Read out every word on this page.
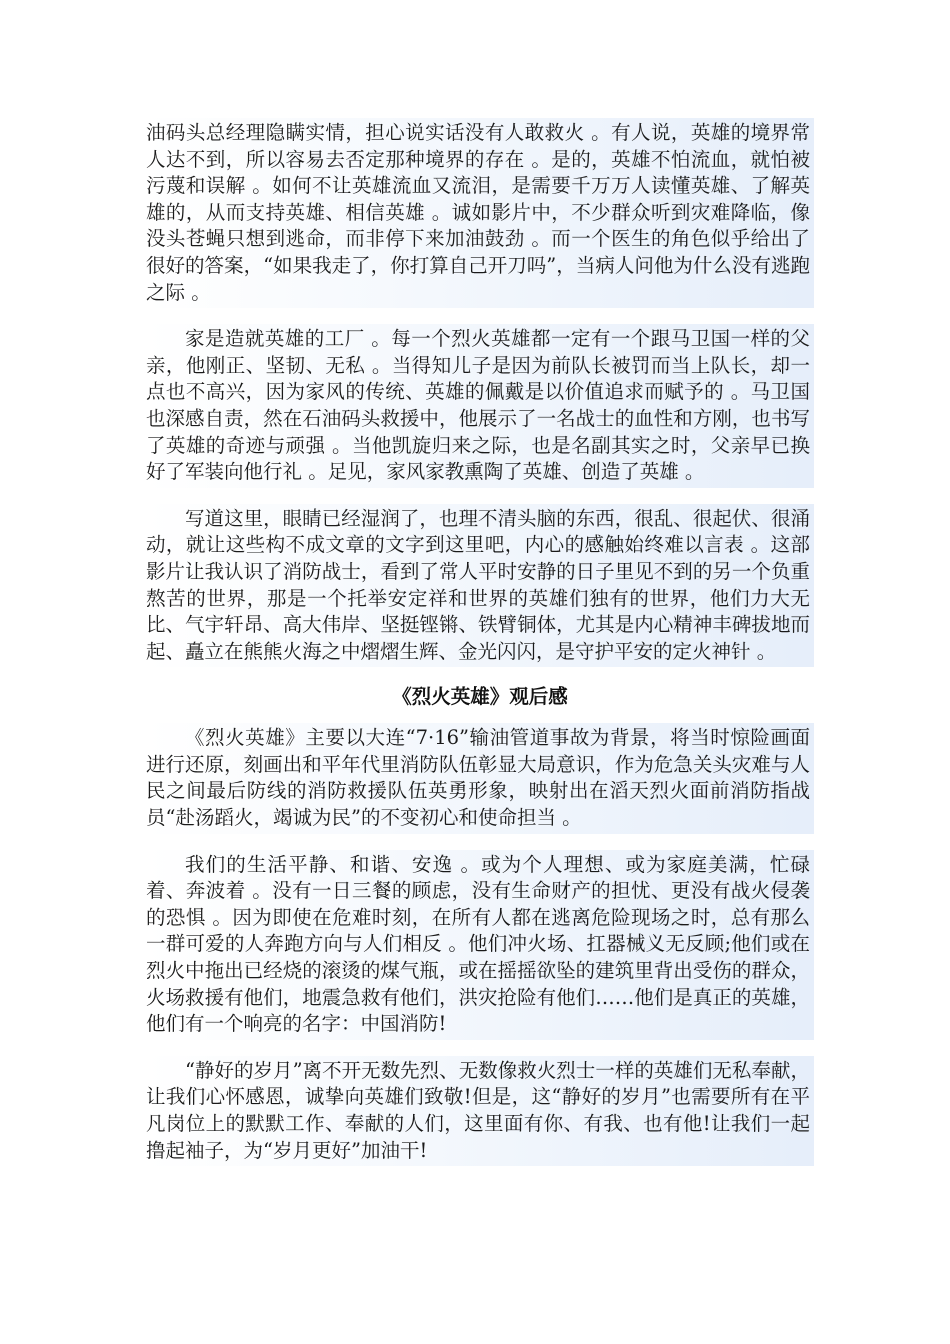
油码头总经理隐瞒实情，担心说实话没有人敢救火 。有人说，英雄的境界常人达不到，所以容易去否定那种境界的存在 。是的，英雄不怕流血，就怕被污蔑和误解 。如何不让英雄流血又流泪，是需要千万万人读懂英雄、了解英雄的，从而支持英雄、相信英雄 。诚如影片中，不少群众听到灾难降临，像没头苍蝇只想到逃命，而非停下来加油鼓劲 。而一个医生的角色似乎给出了很好的答案，“如果我走了，你打算自己开刀吗”，当病人问他为什么没有逃跑之际 。

家是造就英雄的工厂 。每一个烈火英雄都一定有一个跟马卫国一样的父亲，他刚正、坚韧、无私 。当得知儿子是因为前队长被罚而当上队长，却一点也不高兴，因为家风的传统、英雄的佩戴是以价值追求而赋予的 。马卫国也深感自责，然在石油码头救援中，他展示了一名战士的血性和方刚，也书写了英雄的奇迹与顽强 。当他凯旋归来之际，也是名副其实之时，父亲早已换好了军装向他行礼 。足见，家风家教熏陶了英雄、创造了英雄 。

写道这里，眼睛已经湿润了，也理不清头脑的东西，很乱、很起伏、很涌动，就让这些构不成文章的文字到这里吧，内心的感触始终难以言表 。这部影片让我认识了消防战士，看到了常人平时安静的日子里见不到的另一个负重熬苦的世界，那是一个托举安定祥和世界的英雄们独有的世界，他们力大无比、气宇轩昂、高大伟岸、坚挺铿锵、铁臂铜体，尤其是内心精神丰碑拔地而起、矗立在熊熊火海之中熠熠生辉、金光闪闪，是守护平安的定火神针 。

《烈火英雄》观后感

《烈火英雄》主要以大连“7·16”输油管道事故为背景，将当时惊险画面进行还原，刻画出和平年代里消防队伍彰显大局意识，作为危急关头灾难与人民之间最后防线的消防救援队伍英勇形象，映射出在滔天烈火面前消防指战员“赴汤蹈火，竭诚为民”的不变初心和使命担当 。

我们的生活平静、和谐、安逸 。或为个人理想、或为家庭美满，忙碌着、奔波着 。没有一日三餐的顾虑，没有生命财产的担忧、更没有战火侵袭的恐惧 。因为即使在危难时刻，在所有人都在逃离危险现场之时，总有那么一群可爱的人奔跑方向与人们相反 。他们冲火场、扛器械义无反顾;他们或在烈火中拖出已经烧的滚烫的煤气瓶，或在摇摇欲坠的建筑里背出受伤的群众，火场救援有他们，地震急救有他们，洪灾抢险有他们……他们是真正的英雄，他们有一个响亮的名字：中国消防!

“静好的岁月”离不开无数先烈、无数像救火烈士一样的英雄们无私奉献，让我们心怀感恩，诚挚向英雄们致敬!但是，这“静好的岁月”也需要所有在平凡岗位上的默默工作、奉献的人们，这里面有你、有我、也有他!让我们一起撸起袖子，为“岁月更好”加油干!
